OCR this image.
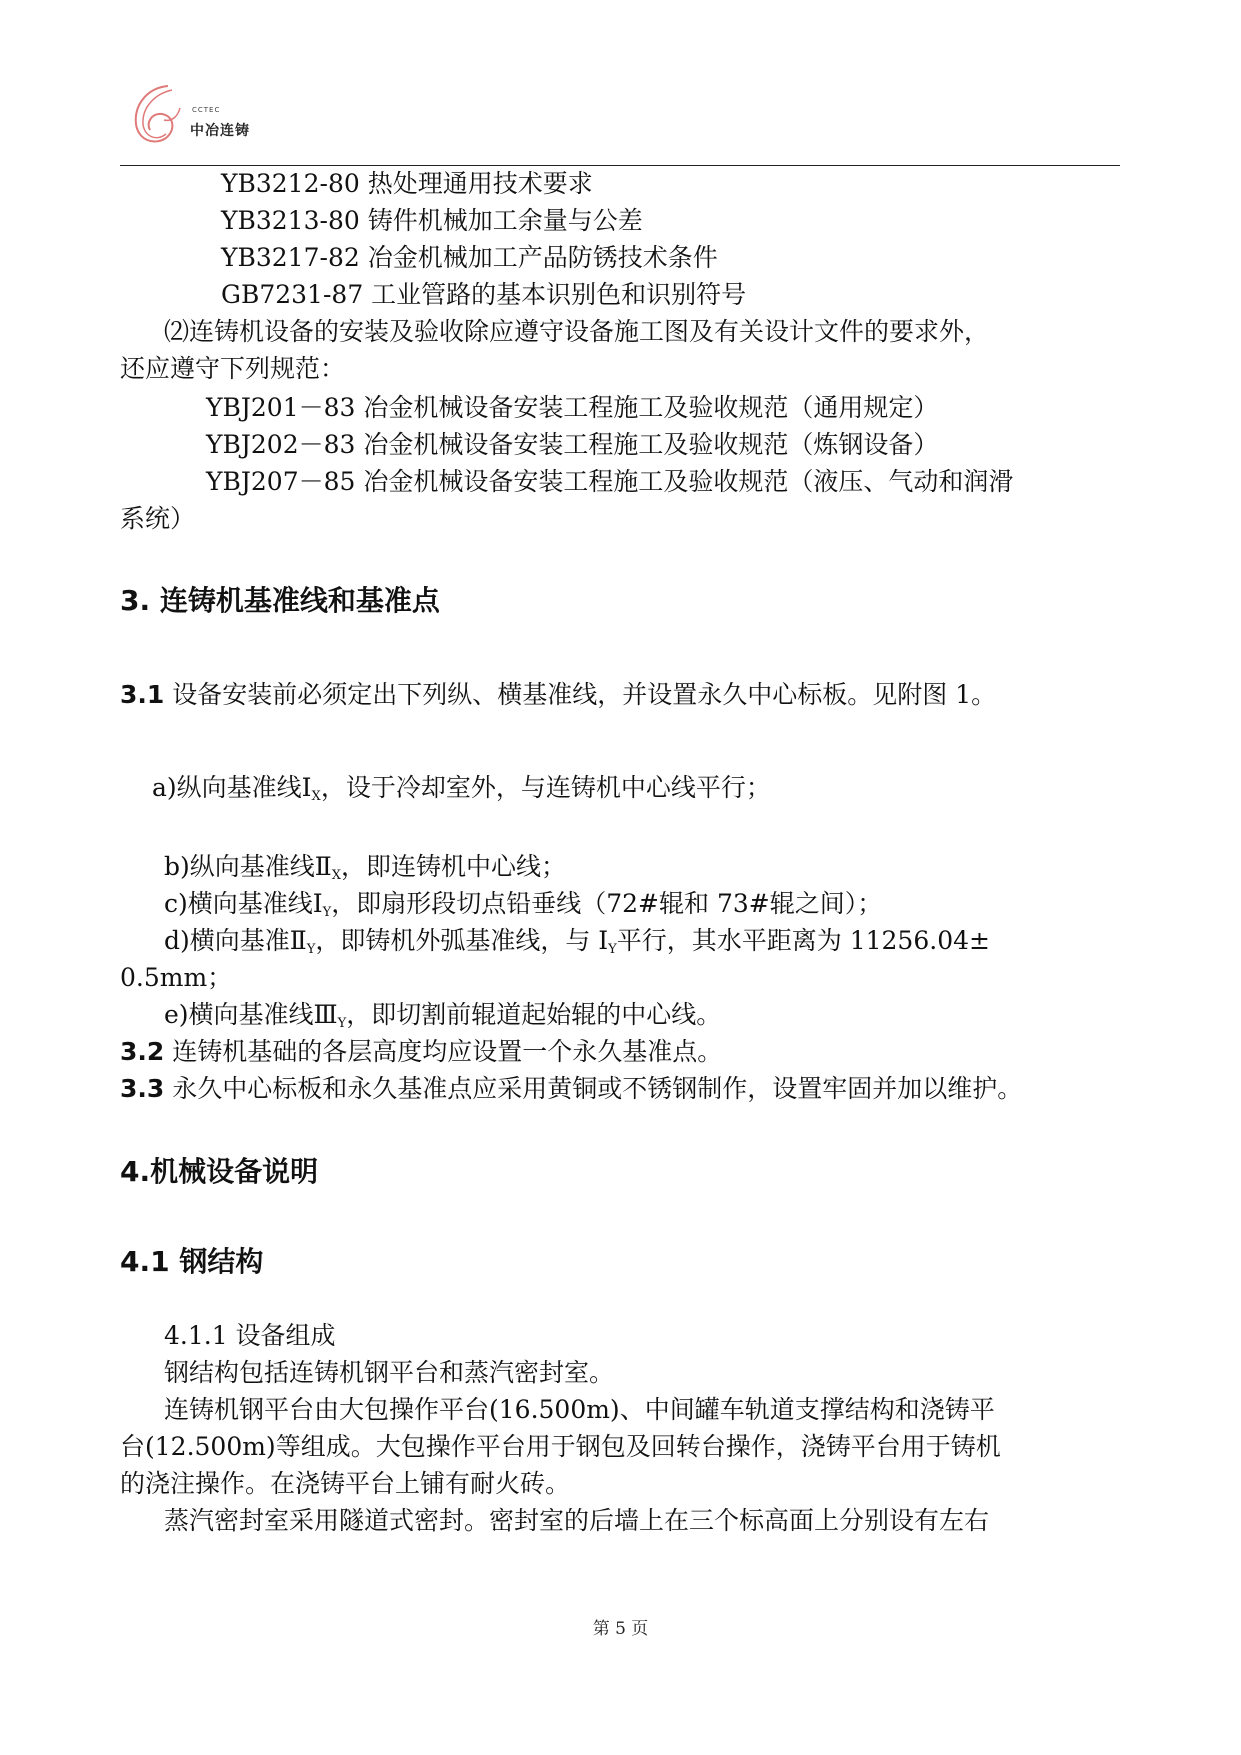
CCTEC
中冶连铸
YB3212-80 热处理通用技术要求
YB3213-80 铸件机械加工余量与公差
YB3217-82 冶金机械加工产品防锈技术条件
GB7231-87 工业管路的基本识别色和识别符号
⑵连铸机设备的安装及验收除应遵守设备施工图及有关设计文件的要求外，
还应遵守下列规范：
YBJ201－83 冶金机械设备安装工程施工及验收规范（通用规定）
YBJ202－83 冶金机械设备安装工程施工及验收规范（炼钢设备）
YBJ207－85 冶金机械设备安装工程施工及验收规范（液压、气动和润滑
系统）
3. 连铸机基准线和基准点
3.1 设备安装前必须定出下列纵、横基准线，并设置永久中心标板。见附图 1。
a)纵向基准线$Ⅰ_X$，设于冷却室外，与连铸机中心线平行；
b)纵向基准线$Ⅱ_X$，即连铸机中心线；
c)横向基准线$Ⅰ_Y$，即扇形段切点铅垂线（72#辊和 73#辊之间）；
d)横向基准$Ⅱ_Y$，即铸机外弧基准线，与 $I_Y$平行，其水平距离为 11256.04±
0.5mm；
e)横向基准线$Ⅲ_Y$，即切割前辊道起始辊的中心线。
3.2 连铸机基础的各层高度均应设置一个永久基准点。
3.3 永久中心标板和永久基准点应采用黄铜或不锈钢制作，设置牢固并加以维护。
4.机械设备说明
4.1 钢结构
4.1.1 设备组成
钢结构包括连铸机钢平台和蒸汽密封室。
连铸机钢平台由大包操作平台(16.500m)、中间罐车轨道支撑结构和浇铸平
台(12.500m)等组成。大包操作平台用于钢包及回转台操作，浇铸平台用于铸机
的浇注操作。在浇铸平台上铺有耐火砖。
蒸汽密封室采用隧道式密封。密封室的后墙上在三个标高面上分别设有左右
第 5 页
